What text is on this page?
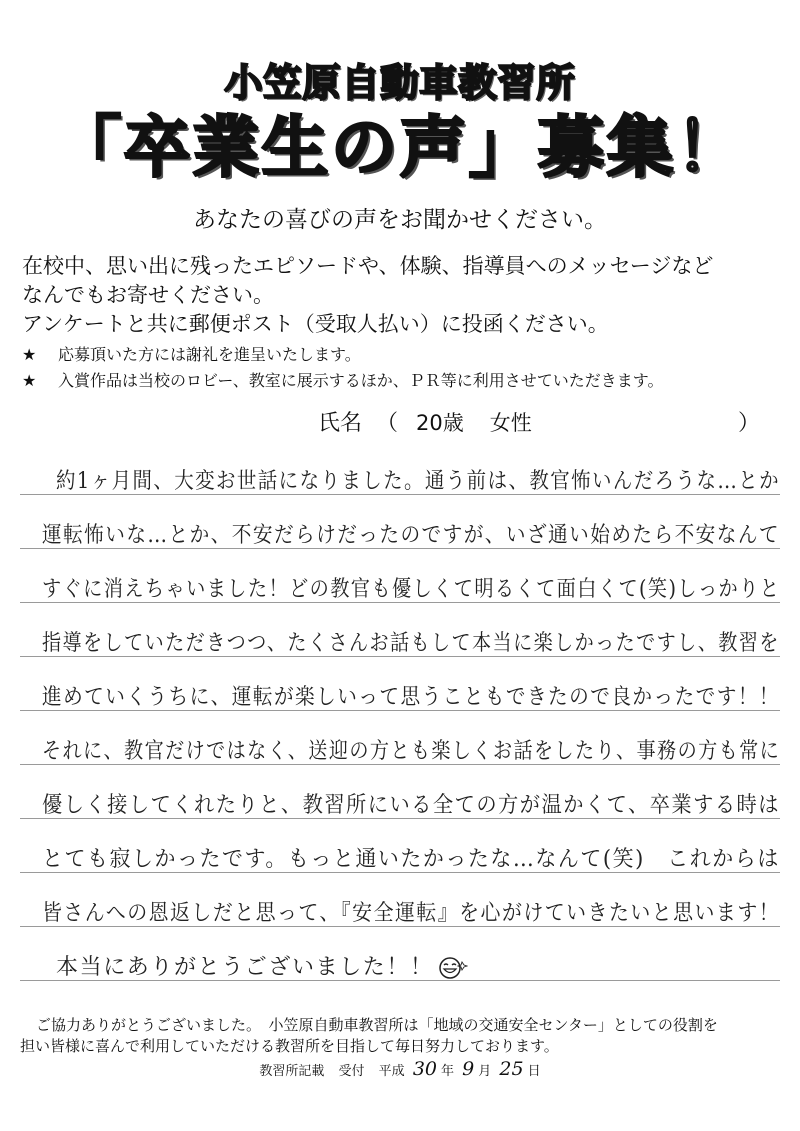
小笠原自動車教習所
「卒業生の声」募集！
あなたの喜びの声をお聞かせください。
在校中、思い出に残ったエピソードや、体験、指導員へのメッセージなど
なんでもお寄せください。
アンケートと共に郵便ポスト（受取人払い）に投函ください。
★ 応募頂いた方には謝礼を進呈いたします。
★ 入賞作品は当校のロビー、教室に展示するほか、ＰＲ等に利用させていただきます。
氏名 （ 20歳 女性	）
約1ヶ月間、大変お世話になりました。通う前は、教官怖いんだろうな…とか
運転怖いな…とか、不安だらけだったのですが、いざ通い始めたら不安なんて
すぐに消えちゃいました！どの教官も優しくて明るくて面白くて(笑)しっかりと
指導をしていただきつつ、たくさんお話もして本当に楽しかったですし、教習を
進めていくうちに、運転が楽しいって思うこともできたので良かったです！！
それに、教官だけではなく、送迎の方とも楽しくお話をしたり、事務の方も常に
優しく接してくれたりと、教習所にいる全ての方が温かくて、卒業する時は
とても寂しかったです。もっと通いたかったな…なんて(笑)　これからは
皆さんへの恩返しだと思って、『安全運転』を心がけていきたいと思います！
本当にありがとうございました！！
ご協力ありがとうございました。　小笠原自動車教習所は「地域の交通安全センター」としての役割を
担い皆様に喜んで利用していただける教習所を目指して毎日努力しております。
教習所記載 受付 平成 30 年 9 月 25 日
